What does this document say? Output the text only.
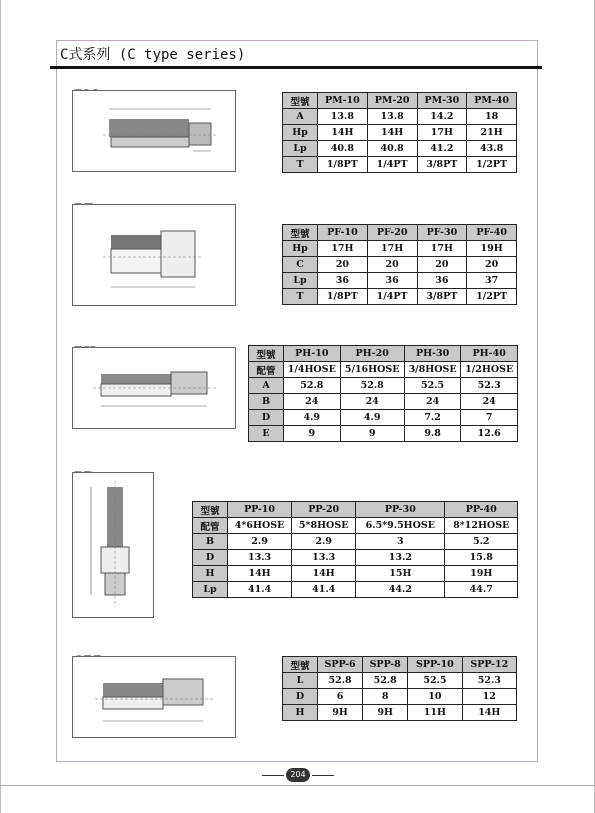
C式系列 (C type series)
型號	PM-10	PM-20	PM-30	PM-40
A	13.8	13.8	14.2	18
Hp	14H	14H	17H	21H
Lp	40.8	40.8	41.2	43.8
T	1/8PT	1/4PT	3/8PT	1/2PT
型號	PF-10	PF-20	PF-30	PF-40
Hp	17H	17H	17H	19H
C	20	20	20	20
Lp	36	36	36	37
T	1/8PT	1/4PT	3/8PT	1/2PT
型號	PH-10	PH-20	PH-30	PH-40
配管	1/4HOSE	5/16HOSE	3/8HOSE	1/2HOSE
A	52.8	52.8	52.5	52.3
B	24	24	24	24
D	4.9	4.9	7.2	7
E	9	9	9.8	12.6
型號	PP-10	PP-20	PP-30	PP-40
配管	4*6HOSE	5*8HOSE	6.5*9.5HOSE	8*12HOSE
B	2.9	2.9	3	5.2
D	13.3	13.3	13.2	15.8
H	14H	14H	15H	19H
Lp	41.4	41.4	44.2	44.7
型號	SPP-6	SPP-8	SPP-10	SPP-12
L	52.8	52.8	52.5	52.3
D	6	8	10	12
H	9H	9H	11H	14H
204
